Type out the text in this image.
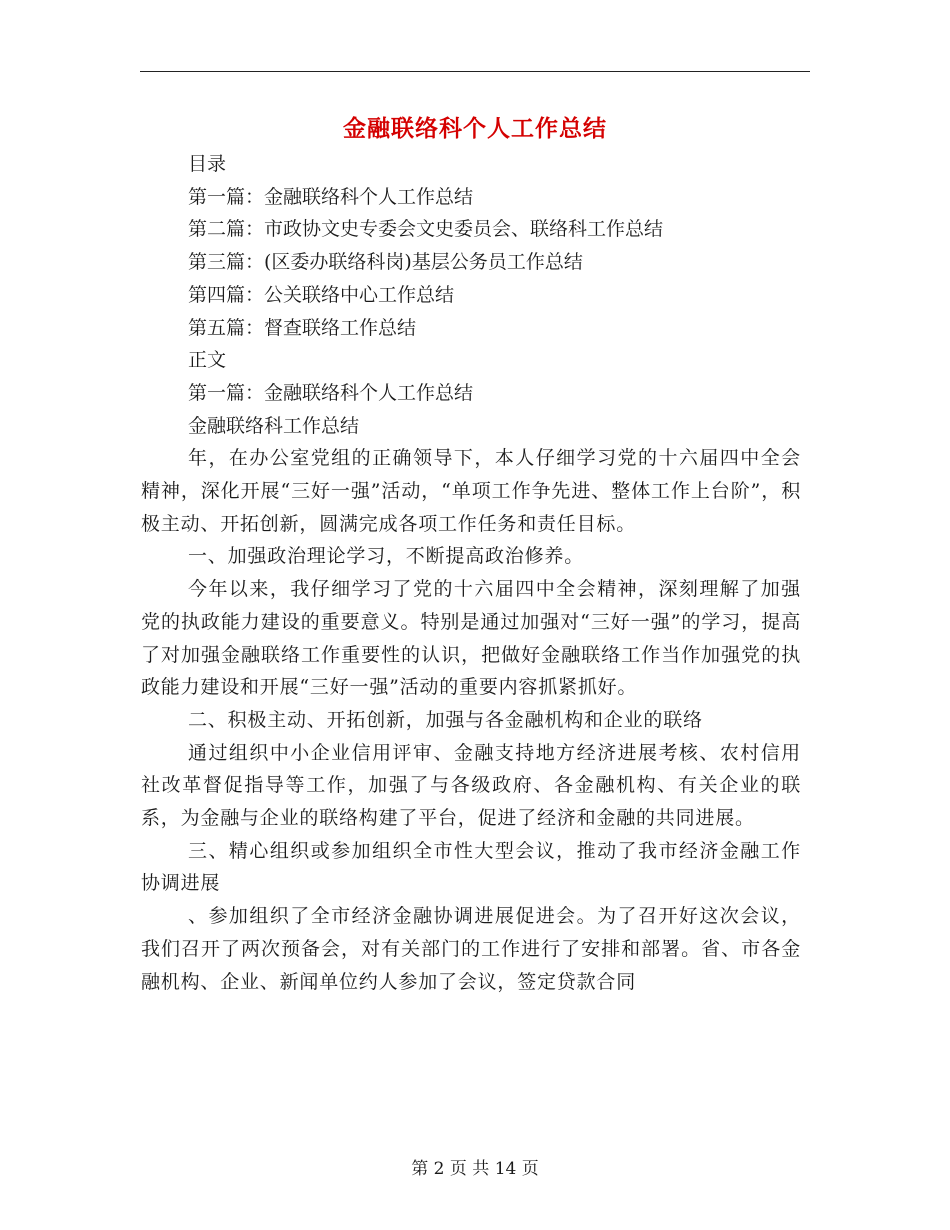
金融联络科个人工作总结

目录

第一篇：金融联络科个人工作总结

第二篇：市政协文史专委会文史委员会、联络科工作总结

第三篇：(区委办联络科岗)基层公务员工作总结

第四篇：公关联络中心工作总结

第五篇：督查联络工作总结

正文

第一篇：金融联络科个人工作总结

金融联络科工作总结

年，在办公室党组的正确领导下，本人仔细学习党的十六届四中全会精神，深化开展“三好一强”活动，“单项工作争先进、整体工作上台阶”，积极主动、开拓创新，圆满完成各项工作任务和责任目标。

一、加强政治理论学习，不断提高政治修养。

今年以来，我仔细学习了党的十六届四中全会精神，深刻理解了加强党的执政能力建设的重要意义。特别是通过加强对“三好一强”的学习，提高了对加强金融联络工作重要性的认识，把做好金融联络工作当作加强党的执政能力建设和开展“三好一强”活动的重要内容抓紧抓好。

二、积极主动、开拓创新，加强与各金融机构和企业的联络

通过组织中小企业信用评审、金融支持地方经济进展考核、农村信用社改革督促指导等工作，加强了与各级政府、各金融机构、有关企业的联系，为金融与企业的联络构建了平台，促进了经济和金融的共同进展。

三、精心组织或参加组织全市性大型会议，推动了我市经济金融工作协调进展

、参加组织了全市经济金融协调进展促进会。为了召开好这次会议，我们召开了两次预备会，对有关部门的工作进行了安排和部署。省、市各金融机构、企业、新闻单位约人参加了会议，签定贷款合同

第 2 页 共 14 页
